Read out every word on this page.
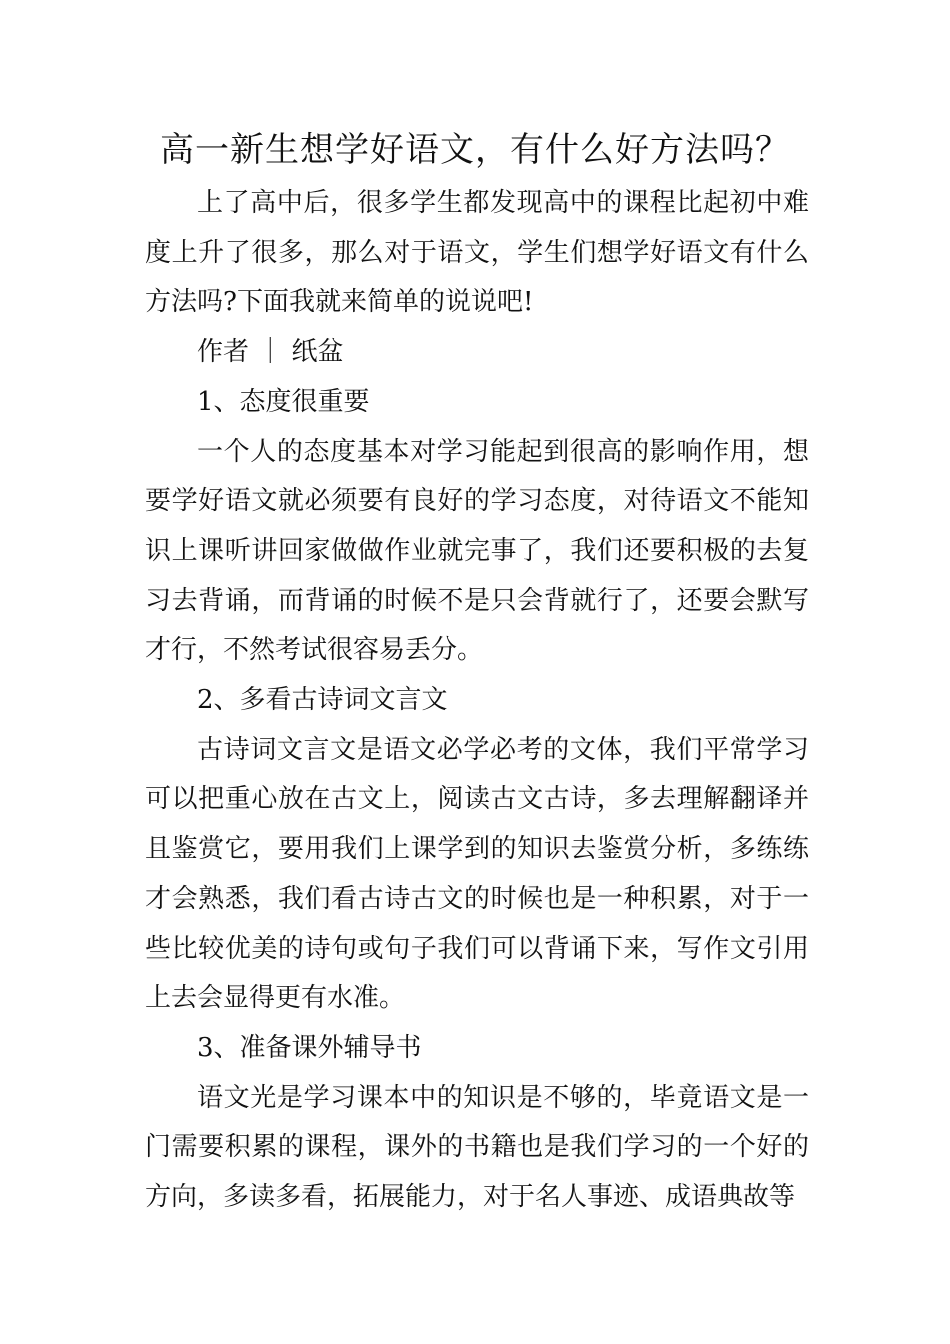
高一新生想学好语文，有什么好方法吗？

上了高中后，很多学生都发现高中的课程比起初中难度上升了很多，那么对于语文，学生们想学好语文有什么方法吗?下面我就来简单的说说吧!

作者 ｜ 纸盆

1、态度很重要

一个人的态度基本对学习能起到很高的影响作用，想要学好语文就必须要有良好的学习态度，对待语文不能知识上课听讲回家做做作业就完事了，我们还要积极的去复习去背诵，而背诵的时候不是只会背就行了，还要会默写才行，不然考试很容易丢分。

2、多看古诗词文言文

古诗词文言文是语文必学必考的文体，我们平常学习可以把重心放在古文上，阅读古文古诗，多去理解翻译并且鉴赏它，要用我们上课学到的知识去鉴赏分析，多练练才会熟悉，我们看古诗古文的时候也是一种积累，对于一些比较优美的诗句或句子我们可以背诵下来，写作文引用上去会显得更有水准。

3、准备课外辅导书

语文光是学习课本中的知识是不够的，毕竟语文是一门需要积累的课程，课外的书籍也是我们学习的一个好的方向，多读多看，拓展能力，对于名人事迹、成语典故等
